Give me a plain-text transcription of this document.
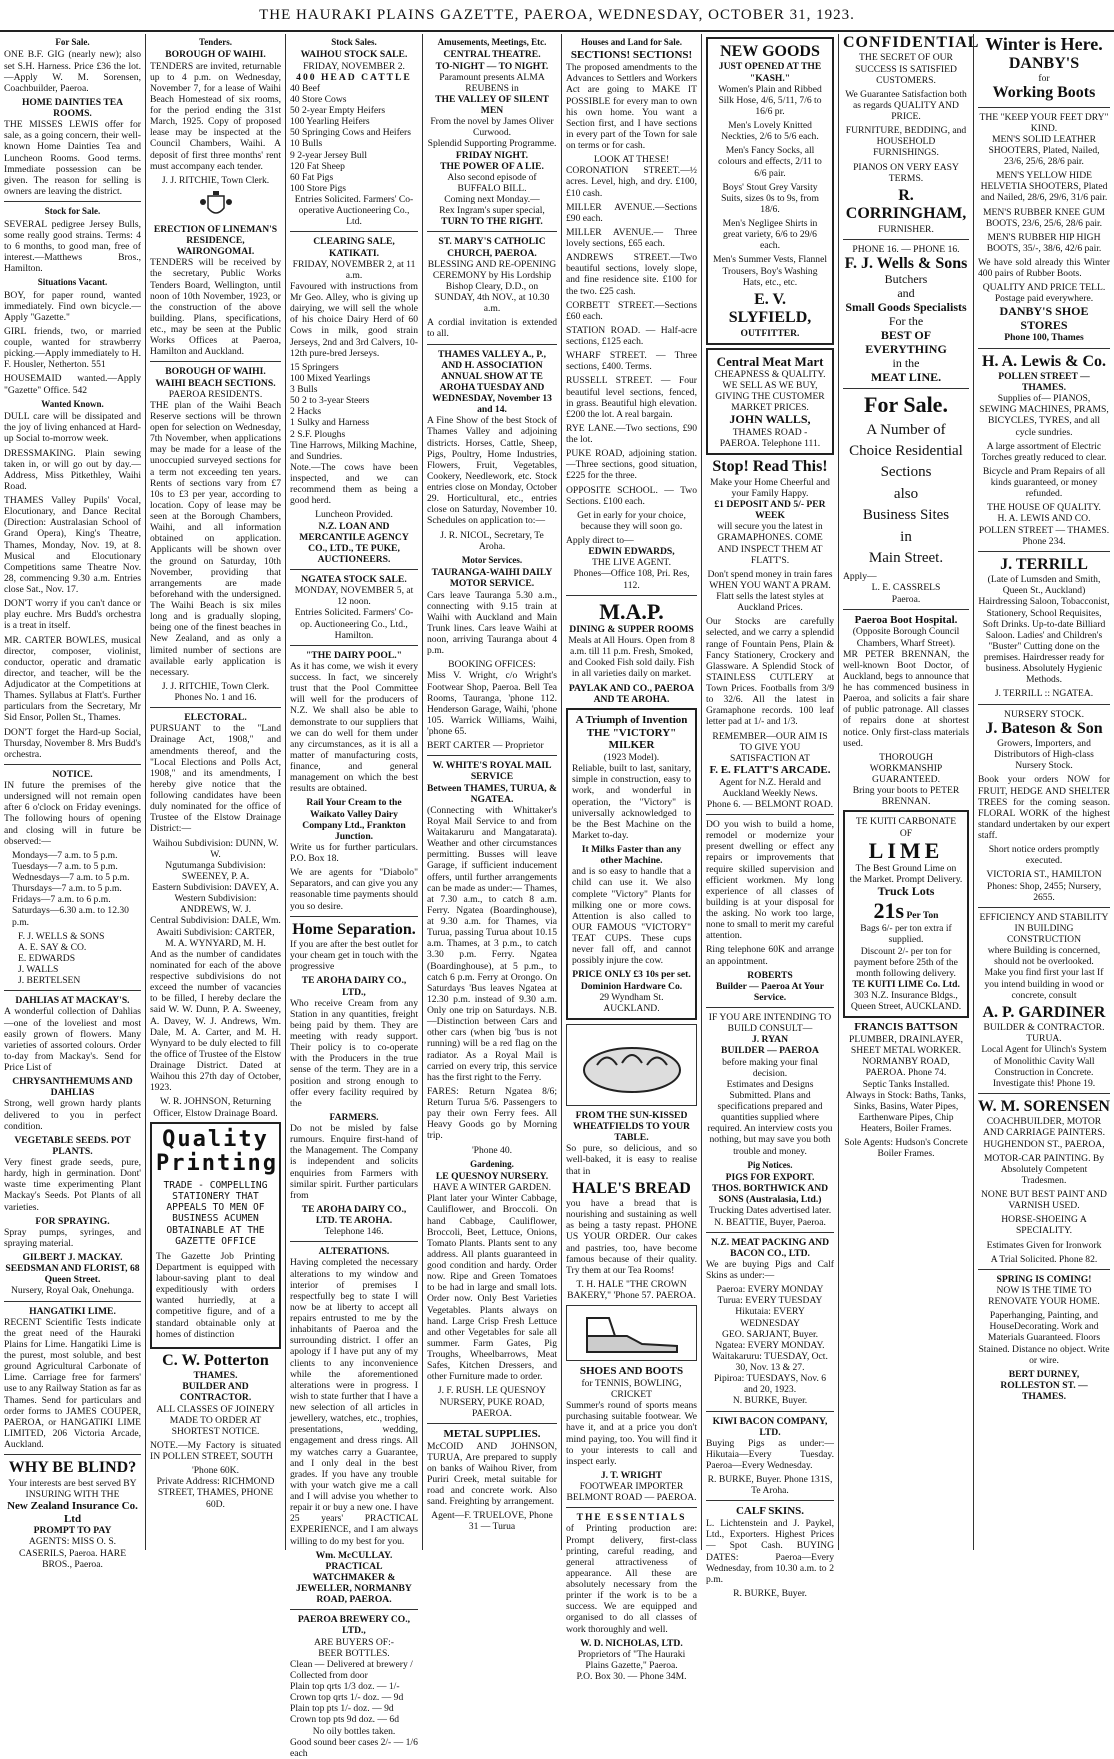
THE HAURAKI PLAINS GAZETTE, PAEROA, WEDNESDAY, OCTOBER 31, 1923.
For Sale.

ONE B.F. GIG (nearly new); also set S.H. Harness. Price £36 the lot.—Apply W. M. Sorensen, Coachbuilder, Paeroa.

HOME DAINTIES TEA ROOMS.

THE MISSES LEWIS offer for sale, as a going concern, their well-known Home Dainties Tea and Luncheon Rooms. Good terms. Immediate possession can be given. The reason for selling is owners are leaving the district.

Stock for Sale.

SEVERAL pedigree Jersey Bulls, some really good strains. Terms: 4 to 6 months, to good man, free of interest.—Matthews Bros., Hamilton.

Situations Vacant.

BOY, for paper round, wanted immediately. Find own bicycle.—Apply "Gazette."

GIRL friends, two, or married couple, wanted for strawberry picking.—Apply immediately to H. F. Housler, Netherton. 551

HOUSEMAID wanted.—Apply "Gazette" Office. 542

Wanted Known.

DULL care will be dissipated and the joy of living enhanced at Hard-up Social to-morrow week.

DRESSMAKING. Plain sewing taken in, or will go out by day.—Address, Miss Pitkethley, Waihi Road.

THAMES Valley Pupils' Vocal, Elocutionary, and Dance Recital (Direction: Australasian School of Grand Opera), King's Theatre, Thames, Monday, Nov. 19, at 8. Musical and Elocutionary Competitions same Theatre Nov. 28, commencing 9.30 a.m. Entries close Sat., Nov. 17.

DON'T worry if you can't dance or play euchre. Mrs Budd's orchestra is a treat in itself.

MR. CARTER BOWLES, musical director, composer, violinist, conductor, operatic and dramatic director, and teacher, will be the Adjudicator at the Competitions at Thames. Syllabus at Flatt's. Further particulars from the Secretary, Mr Sid Ensor, Pollen St., Thames.

DON'T forget the Hard-up Social, Thursday, November 8. Mrs Budd's orchestra.

NOTICE.

IN future the premises of the undersigned will not remain open after 6 o'clock on Friday evenings. The following hours of opening and closing will in future be observed:—

Mondays—7 a.m. to 5 p.m.
Tuesdays—7 a.m. to 5 p.m.
Wednesdays—7 a.m. to 5 p.m.
Thursdays—7 a.m. to 5 p.m.
Fridays—7 a.m. to 6 p.m.
Saturdays—6.30 a.m. to 12.30 p.m.
F. J. WELLS & SONS
A. E. SAY & CO.
E. EDWARDS
J. WALLS
J. BERTELSEN
DAHLIAS AT MACKAY'S.

A wonderful collection of Dahlias—one of the loveliest and most easily grown of flowers. Many varieties of assorted colours. Order to-day from Mackay's. Send for Price List of

CHRYSANTHEMUMS AND DAHLIAS

Strong, well grown hardy plants delivered to you in perfect condition.

VEGETABLE SEEDS. POT PLANTS.

Very finest grade seeds, pure, hardy, high in germination. Dont' waste time experimenting Plant Mackay's Seeds. Pot Plants of all varieties.

FOR SPRAYING.

Spray pumps, syringes, and spraying material.

GILBERT J. MACKAY. SEEDSMAN AND FLORIST, 68 Queen Street.
Nursery, Royal Oak, Onehunga.
HANGATIKI LIME.

RECENT Scientific Tests indicate the great need of the Hauraki Plains for Lime. Hangatiki Lime is the purest, most soluble, and best ground Agricultural Carbonate of Lime. Carriage free for farmers' use to any Railway Station as far as Thames. Send for particulars and order forms to JAMES COUPER, PAEROA, or HANGATIKI LIME LIMITED, 206 Victoria Arcade, Auckland.

WHY BE BLIND?
Your interests are best served BY INSURING WITH THE
New Zealand Insurance Co. Ltd
PROMPT TO PAY
AGENTS: MISS O. S. CASERILS, Paeroa. HARE BROS., Paeroa.
Tenders.
BOROUGH OF WAIHI.

TENDERS are invited, returnable up to 4 p.m. on Wednesday, November 7, for a lease of Waihi Beach Homestead of six rooms, for the period ending the 31st March, 1925. Copy of proposed lease may be inspected at the Council Chambers, Waihi. A deposit of first three months' rent must accompany each tender.

J. J. RITCHIE, Town Clerk.
ERECTION OF LINEMAN'S RESIDENCE, WAIRONGOMAI.

TENDERS will be received by the secretary, Public Works Tenders Board, Wellington, until noon of 10th November, 1923, or the construction of the above building. Plans, specifications, etc., may be seen at the Public Works Offices at Paeroa, Hamilton and Auckland.

BOROUGH OF WAIHI. WAIHI BEACH SECTIONS.
PAEROA RESIDENTS.

THE plan of the Waihi Beach Reserve sections will be thrown open for selection on Wednesday, 7th November, when applications may be made for a lease of the unoccupied surveyed sections for a term not exceeding ten years. Rents of sections vary from £7 10s to £3 per year, according to location. Copy of lease may be seen at the Borough Chambers, Waihi, and all information obtained on application. Applicants will be shown over the ground on Saturday, 10th November, providing that arrangements are made beforehand with the undersigned. The Waihi Beach is six miles long and is gradually sloping, being one of the finest beaches in New Zealand, and as only a limited number of sections are available early application is necessary.

J. J. RITCHIE, Town Clerk. Phones No. 1 and 16.
ELECTORAL.

PURSUANT to the "Land Drainage Act, 1908," and amendments thereof, and the "Local Elections and Polls Act, 1908," and its amendments, I hereby give notice that the following candidates have been duly nominated for the office of Trustee of the Elstow Drainage District:—

Waihou Subdivision: DUNN, W. W.
Ngutumanga Subdivision: SWEENEY, P. A.
Eastern Subdivision: DAVEY, A.
Western Subdivision: ANDREWS, W. J.
Central Subdivision: DALE, Wm.
Awaiti Subdivision: CARTER, M. A. WYNYARD, M. H.

And as the number of candidates nominated for each of the above respective subdivisions do not exceed the number of vacancies to be filled, I hereby declare the said W. W. Dunn, P. A. Sweeney, A. Davey, W. J. Andrews, Wm. Dale, M. A. Carter, and M. H. Wynyard to be duly elected to fill the office of Trustee of the Elstow Drainage District. Dated at Waihou this 27th day of October, 1923.

W. R. JOHNSON, Returning Officer, Elstow Drainage Board.
Quality
Printing
TRADE - COMPELLING STATIONERY THAT APPEALS TO MEN OF BUSINESS ACUMEN OBTAINABLE AT THE GAZETTE OFFICE

The Gazette Job Printing Department is equipped with labour-saving plant to deal expeditiously with orders wanted hurriedly, at a competitive figure, and of a standard obtainable only at homes of distinction

C. W. Potterton
THAMES.
BUILDER AND CONTRACTOR.

ALL CLASSES OF JOINERY MADE TO ORDER AT SHORTEST NOTICE.

NOTE.—My Factory is situated IN POLLEN STREET, SOUTH

'Phone 60K.
Private Address: RICHMOND STREET, THAMES, PHONE 60D.
Stock Sales.
WAIHOU STOCK SALE.
FRIDAY, NOVEMBER 2.
400 HEAD CATTLE
40 Beef
40 Store Cows
50 2-year Empty Heifers
100 Yearling Heifers
50 Springing Cows and Heifers
10 Bulls
9 2-year Jersey Bull
120 Fat Sheep
60 Fat Pigs
100 Store Pigs
Entries Solicited. Farmers' Co-operative Auctioneering Co., Ltd.
CLEARING SALE, KATIKATI.
FRIDAY, NOVEMBER 2, at 11 a.m.

Favoured with instructions from Mr Geo. Alley, who is giving up dairying, we will sell the whole of his choice Dairy Herd of 60 Cows in milk, good strain Jerseys, 2nd and 3rd Calvers, 10-12th pure-bred Jerseys.

15 Springers
100 Mixed Yearlings
3 Bulls
50 2 to 3-year Steers
2 Hacks
1 Sulky and Harness
2 S.F. Ploughs
Tine Harrows, Milking Machine, and Sundries.

Note.—The cows have been inspected, and we can recommend them as being a good herd.

Luncheon Provided.
N.Z. LOAN AND MERCANTILE AGENCY CO., LTD., TE PUKE, AUCTIONEERS.
NGATEA STOCK SALE.
MONDAY, NOVEMBER 5, at 12 noon.
Entries Solicited. Farmers' Co-op. Auctioneering Co., Ltd., Hamilton.
"THE DAIRY POOL."

As it has come, we wish it every success. In fact, we sincerely trust that the Pool Committee will well for the producers of N.Z. We shall also be able to demonstrate to our suppliers that we can do well for them under any circumstances, as it is all a matter of manufacturing costs, finance, and general management on which the best results are obtained.

Rail Your Cream to the Waikato Valley Dairy Company Ltd., Frankton Junction.

Write us for further particulars. P.O. Box 18.

We are agents for "Diabolo" Separators, and can give you any reasonable time payments should you so desire.

Home Separation.

If you are after the best outlet for your cheam get in touch with the progressive

TE AROHA DAIRY CO., LTD.,

Who receive Cream from any Station in any quantities, freight being paid by them. They are meeting with ready support. Their policy is to co-operate with the Producers in the true sense of the term. They are in a position and strong enough to offer every facility required by the

FARMERS.

Do not be misled by false rumours. Enquire first-hand of the Management. The Company is independent and solicits enquiries from Farmers with similar spirit. Further particulars from

TE AROHA DAIRY CO., LTD. TE AROHA.
Telephone 146.
ALTERATIONS.

Having completed the necessary alterations to my window and interior of premises I respectfully beg to state I will now be at liberty to accept all repairs entrusted to me by the inhabitants of Paeroa and the surrounding district. I offer an apology if I have put any of my clients to any inconvenience while the aforementioned alterations were in progress. I wish to state further that I have a new selection of all articles in jewellery, watches, etc., trophies, presentations, wedding, engagement and dress rings. All my watches carry a Guarantee, and I only deal in the best grades. If you have any trouble with your watch give me a call and I will advise you whether to repair it or buy a new one. I have 25 years' PRACTICAL EXPERIENCE, and I am always willing to do my best for you.

Wm. McCULLAY. PRACTICAL WATCHMAKER & JEWELLER, NORMANBY ROAD, PAEROA.
PAEROA BREWERY CO., LTD.,
ARE BUYERS OF:-
BEER BOTTLES.
Clean — Delivered at brewery / Collected from door
Plain top qrts 1/3 doz. — 1/-
Crown top qrts 1/- doz. — 9d
Plain top pts 1/- doz. — 9d
Crown top pts 9d doz. — 6d
No oily bottles taken.
Good sound beer cases 2/- — 1/6 each
Amusements, Meetings, Etc.
CENTRAL THEATRE.
TO-NIGHT — TO NIGHT.
Paramount presents ALMA REUBENS in
THE VALLEY OF SILENT MEN
From the novel by James Oliver Curwood.
Splendid Supporting Programme.
FRIDAY NIGHT.
THE POWER OF A LIE.
Also second episode of BUFFALO BILL.
Coming next Monday.—
Rex Ingram's super special,
TURN TO THE RIGHT.
ST. MARY'S CATHOLIC CHURCH, PAEROA.

BLESSING AND RE-OPENING CEREMONY by His Lordship Bishop Cleary, D.D., on SUNDAY, 4th NOV., at 10.30 a.m.

A cordial invitation is extended to all.

THAMES VALLEY A., P., AND H. ASSOCIATION
ANNUAL SHOW AT TE AROHA TUESDAY AND WEDNESDAY, November 13 and 14.

A Fine Show of the best Stock of Thames Valley and adjoining districts. Horses, Cattle, Sheep, Pigs, Poultry, Home Industries, Flowers, Fruit, Vegetables, Cookery, Needlework, etc. Stock entries close on Monday, October 29. Horticultural, etc., entries close on Saturday, November 10. Schedules on application to:—

J. R. NICOL, Secretary, Te Aroha.
Motor Services.
TAURANGA-WAIHI DAILY MOTOR SERVICE.

Cars leave Tauranga 5.30 a.m., connecting with 9.15 train at Waihi with Auckland and Main Trunk lines. Cars leave Waihi at noon, arriving Tauranga about 4 p.m.

BOOKING OFFICES:

Miss V. Wright, c/o Wright's Footwear Shop, Paeroa. Bell Tea Rooms, Tauranga, 'phone 112. Henderson Garage, Waihi, 'phone 105. Warrick Williams, Waihi, 'phone 65.

BERT CARTER — Proprietor
W. WHITE'S ROYAL MAIL SERVICE
Between THAMES, TURUA, & NGATEA.

(Connecting with Whittaker's Royal Mail Service to and from Waitakaruru and Mangatarata). Weather and other circumstances permitting. Busses will leave Garage, if sufficient inducement offers, until further arrangements can be made as under:— Thames, at 7.30 a.m., to catch 8 a.m. Ferry. Ngatea (Boardinghouse), at 9.30 a.m. for Thames, via Turua, passing Turua about 10.15 a.m. Thames, at 3 p.m., to catch 3.30 p.m. Ferry. Ngatea (Boardinghouse), at 5 p.m., to catch 6 p.m. Ferry at Orongo. On Saturdays 'Bus leaves Ngatea at 12.30 p.m. instead of 9.30 a.m. Only one trip on Saturdays. N.B.—Distinction between Cars and other cars (when big 'bus is not running) will be a red flag on the radiator. As a Royal Mail is carried on every trip, this service has the first right to the Ferry.

FARES: Return Ngatea 8/6; Return Turua 5/6. Passengers to pay their own Ferry fees. All Heavy Goods go by Morning trip.

'Phone 40.
Gardening.
LE QUESNOY NURSERY.
HAVE A WINTER GARDEN.

Plant later your Winter Cabbage, Cauliflower, and Broccoli. On hand Cabbage, Cauliflower, Broccoli, Beet, Lettuce, Onions, Tomato Plants. Plants sent to any address. All plants guaranteed in good condition and hardy. Order now. Ripe and Green Tomatoes to be had in large and small lots. Order now. Only Best Varieties Vegetables. Plants always on hand. Large Crisp Fresh Lettuce and other Vegetables for sale all summer. Farm Gates, Pig Troughs, Wheelbarrows, Meat Safes, Kitchen Dressers, and other Furniture made to order.

J. F. RUSH. LE QUESNOY NURSERY, PUKE ROAD, PAEROA.
METAL SUPPLIES.

McCOID AND JOHNSON, TURUA, Are prepared to supply on banks of Waihou River, from Puriri Creek, metal suitable for road and concrete work. Also sand. Freighting by arrangement.

Agent—F. TRUELOVE, Phone 31 — Turua
Houses and Land for Sale.
SECTIONS! SECTIONS!

The proposed amendments to the Advances to Settlers and Workers Act are going to MAKE IT POSSIBLE for every man to own his own home. You want a Section first, and I have sections in every part of the Town for sale on terms or for cash.

LOOK AT THESE!

CORONATION STREET.—½ acres. Level, high, and dry. £100, £10 cash.

MILLER AVENUE.—Sections £90 each.

MILLER AVENUE.— Three lovely sections, £65 each.

ANDREWS STREET.—Two beautiful sections, lovely slope, and fine residence site. £100 for the two. £25 cash.

CORBETT STREET.—Sections £60 each.

STATION ROAD. — Half-acre sections, £125 each.

WHARF STREET. — Three sections, £400. Terms.

RUSSELL STREET. — Four beautiful level sections, fenced, in grass. Beautiful high elevation. £200 the lot. A real bargain.

RYE LANE.—Two sections, £90 the lot.

PUKE ROAD, adjoining station. —Three sections, good situation, £225 for the three.

OPPOSITE SCHOOL. — Two Sections. £100 each.

Get in early for your choice, because they will soon go.

Apply direct to—
EDWIN EDWARDS,
THE LIVE AGENT.
Phones—Office 108, Pri. Res, 112.
M.A.P.
DINING & SUPPER ROOMS

Meals at All Hours. Open from 8 a.m. till 11 p.m. Fresh, Smoked, and Cooked Fish sold daily. Fish in all varieties daily on market.

PAYLAK AND CO., PAEROA AND TE AROHA.
A Triumph of Invention
THE "VICTORY" MILKER
(1923 Model).

Reliable, built to last, sanitary, simple in construction, easy to work, and wonderful in operation, the "Victory" is universally acknowledged to be the Best Machine on the Market to-day.

It Milks Faster than any other Machine.

and is so easy to handle that a child can use it. We also complete "Victory" Plants for milking one or more cows. Attention is also called to OUR FAMOUS "VICTORY" TEAT CUPS. These cups never fall off, and cannot possibly injure the cow.

PRICE ONLY £3 10s per set.
Dominion Hardware Co.
29 Wyndham St. AUCKLAND.
FROM THE SUN-KISSED WHEATFIELDS TO YOUR TABLE.

So pure, so delicious, and so well-baked, it is easy to realise that in

HALE'S BREAD

you have a bread that is nourishing and sustaining as well as being a tasty repast. PHONE US YOUR ORDER. Our cakes and pastries, too, have become famous because of their quality. Try them at our Tea Rooms!

T. H. HALE "THE CROWN BAKERY," 'Phone 57. PAEROA.
SHOES AND BOOTS
for TENNIS, BOWLING, CRICKET

Summer's round of sports means purchasing suitable footwear. We have it, and at a price you don't mind paying, too. You will find it to your interests to call and inspect early.

J. T. WRIGHT
FOOTWEAR IMPORTER
BELMONT ROAD — PAEROA.
THE ESSENTIALS

of Printing production are: Prompt delivery, first-class printing, careful reading, and general attractiveness of appearance. All these are absolutely necessary from the printer if the work is to be a success. We are equipped and organised to do all classes of work thoroughly and well.

W. D. NICHOLAS, LTD.
Proprietors of "The Hauraki Plains Gazette," Paeroa.
P.O. Box 30. — Phone 34M.
NEW GOODS
JUST OPENED AT THE "KASH."

Women's Plain and Ribbed Silk Hose, 4/6, 5/11, 7/6 to 16/6 pr.

Men's Lovely Knitted Neckties, 2/6 to 5/6 each.

Men's Fancy Socks, all colours and effects, 2/11 to 6/6 pair.

Boys' Stout Grey Varsity Suits, sizes 0s to 9s, from 18/6.

Men's Negligee Shirts in great variety, 6/6 to 29/6 each.

Men's Summer Vests, Flannel Trousers, Boy's Washing Hats, etc., etc.

E. V. SLYFIELD,
OUTFITTER.
Central Meat Mart
CHEAPNESS & QUALITY. WE SELL AS WE BUY, GIVING THE CUSTOMER MARKET PRICES.
JOHN WALLS,
THAMES ROAD - PAEROA. Telephone 111.
Stop! Read This!
Make your Home Cheerful and your Family Happy.
£1 DEPOSIT AND 5/- PER WEEK

will secure you the latest in GRAMAPHONES. COME AND INSPECT THEM AT FLATT'S.

Don't spend money in train fares WHEN YOU WANT A PRAM. Flatt sells the latest styles at Auckland Prices.

Our Stocks are carefully selected, and we carry a splendid range of Fountain Pens, Plain & Fancy Stationery, Crockery and Glassware. A Splendid Stock of STAINLESS CUTLERY at Town Prices. Footballs from 3/9 to 32/6. All the latest in Gramaphone records. 100 leaf letter pad at 1/- and 1/3.

REMEMBER—OUR AIM IS TO GIVE YOU SATISFACTION AT
F. E. FLATT'S ARCADE.
Agent for N.Z. Herald and Auckland Weekly News.
Phone 6. — BELMONT ROAD.

DO you wish to build a home, remodel or modernize your present dwelling or effect any repairs or improvements that require skilled supervision and efficient workmen. My long experience of all classes of building is at your disposal for the asking. No work too large, none to small to merit my careful attention.

Ring telephone 60K and arrange an appointment.

ROBERTS
Builder — Paeroa At Your Service.
IF YOU ARE INTENDING TO BUILD CONSULT—
J. RYAN
BUILDER — PAEROA
before making your final decision.

Estimates and Designs Submitted. Plans and specifications prepared and quantities supplied where required. An interview costs you nothing, but may save you both trouble and money.

Pig Notices.
PIGS FOR EXPORT.
THOS. BORTHWICK AND SONS (Australasia, Ltd.)
Trucking Dates advertised later.
N. BEATTIE, Buyer, Paeroa.
N.Z. MEAT PACKING AND BACON CO., LTD.

We are buying Pigs and Calf Skins as under:—

Paeroa: EVERY MONDAY
Turua: EVERY TUESDAY
Hikutaia: EVERY WEDNESDAY
GEO. SARJANT, Buyer.
Ngatea: EVERY MONDAY.
Waitakaruru: TUESDAY, Oct. 30, Nov. 13 & 27.
Pipiroa: TUESDAYS, Nov. 6 and 20, 1923.
N. BURKE, Buyer.
KIWI BACON COMPANY, LTD.

Buying Pigs as under:— Hikutaia—Every Tuesday. Paeroa—Every Wednesday.

R. BURKE, Buyer. Phone 131S, Te Aroha.
CALF SKINS.

L. Lichtenstein and J. Paykel, Ltd., Exporters. Highest Prices — Spot Cash. BUYING DATES: Paeroa—Every Wednesday, from 10.30 a.m. to 2 p.m.

R. BURKE, Buyer.
CONFIDENTIAL

THE SECRET OF OUR SUCCESS IS SATISFIED CUSTOMERS.

We Guarantee Satisfaction both as regards QUALITY AND PRICE.

FURNITURE, BEDDING, and HOUSEHOLD FURNISHINGS.

PIANOS ON VERY EASY TERMS.

R. CORRINGHAM,
FURNISHER.
PHONE 16. — PHONE 16.
F. J. Wells & Sons
Butchers
and
Small Goods Specialists
For the
BEST OF EVERYTHING
in the
MEAT LINE.
For Sale.
A Number of
Choice Residential
Sections
also
Business Sites
in
Main Street.
Apply—
L. E. CASSRELS
Paeroa.
Paeroa Boot Hospital.
(Opposite Borough Council Chambers, Wharf Street).

MR PETER BRENNAN, the well-known Boot Doctor, of Auckland, begs to announce that he has commenced business in Paeroa, and solicits a fair share of public patronage. All classes of repairs done at shortest notice. Only first-class materials used.

THOROUGH WORKMANSHIP GUARANTEED.
Bring your boots to PETER BRENNAN.
TE KUITI CARBONATE OF
LIME
The Best Ground Lime on the Market. Prompt Delivery.
Truck Lots
21s Per Ton
Bags 6/- per ton extra if supplied.
Discount 2/- per ton for payment before 25th of the month following delivery.
TE KUITI LIME Co. Ltd.
303 N.Z. Insurance Bldgs., Queen Street, AUCKLAND.
FRANCIS BATTSON
PLUMBER, DRAINLAYER, SHEET METAL WORKER.
NORMANBY ROAD, PAEROA. Phone 74.
Septic Tanks Installed.

Always in Stock: Baths, Tanks, Sinks, Basins, Water Pipes, Earthenware Pipes, Chip Heaters, Boiler Frames.

Sole Agents: Hudson's Concrete Boiler Frames.
Winter is Here.
DANBY'S
for
Working Boots
THE "KEEP YOUR FEET DRY" KIND.

MEN'S SOLID LEATHER SHOOTERS, Plated, Nailed, 23/6, 25/6, 28/6 pair.

MEN'S YELLOW HIDE HELVETIA SHOOTERS, Plated and Nailed, 28/6, 29/6, 31/6 pair.

MEN'S RUBBER KNEE GUM BOOTS, 23/6, 25/6, 28/6 pair.

MEN'S RUBBER HIP HIGH BOOTS, 35/-, 38/6, 42/6 pair.

We have sold already this Winter 400 pairs of Rubber Boots.

QUALITY AND PRICE TELL.
Postage paid everywhere.
DANBY'S SHOE STORES
Phone 100, Thames
H. A. Lewis & Co.
POLLEN STREET — THAMES.

Supplies of— PIANOS, SEWING MACHINES, PRAMS, BICYCLES, TYRES, and all cycle sundries.

A large assortment of Electric Torches greatly reduced to clear.

Bicycle and Pram Repairs of all kinds guaranteed, or money refunded.

THE HOUSE OF QUALITY.
H. A. LEWIS AND CO. POLLEN STREET — THAMES. Phone 234.
J. TERRILL

(Late of Lumsden and Smith, Queen St., Auckland) Hairdressing Saloon, Tobacconist, Stationery, School Requisites, Soft Drinks. Up-to-date Billiard Saloon. Ladies' and Children's "Buster" Cutting done on the premises. Hairdresser ready for business. Absolutely Hygienic Methods.

J. TERRILL :: NGATEA.
NURSERY STOCK.
J. Bateson & Son

Growers, Importers, and Distributors of High-class Nursery Stock.

Book your orders NOW for FRUIT, HEDGE AND SHELTER TREES for the coming season. FLORAL WORK of the highest standard undertaken by our expert staff.

Short notice orders promptly executed.

VICTORIA ST., HAMILTON Phones: Shop, 2455; Nursery, 2655.

EFFICIENCY AND STABILITY IN BUILDING CONSTRUCTION
where Building is concerned, should not be overlooked.

Make you find first your last If you intend building in wood or concrete, consult

A. P. GARDINER
BUILDER & CONTRACTOR. TURUA.

Local Agent for Ulinch's System of Monolithic Cavity Wall Construction in Concrete. Investigate this! Phone 19.

W. M. SORENSEN

COACHBUILDER, MOTOR AND CARRIAGE PAINTERS. HUGHENDON ST., PAEROA,

MOTOR-CAR PAINTING. By Absolutely Competent Tradesmen.

NONE BUT BEST PAINT AND VARNISH USED.

HORSE-SHOEING A SPECIALITY.

Estimates Given for Ironwork

A Trial Solicited. Phone 82.

SPRING IS COMING!

NOW IS THE TIME TO RENOVATE YOUR HOME.

Paperhanging, Painting, and HouseDecorating. Work and Materials Guaranteed. Floors Stained. Distance no object. Write or wire.

BERT DURNEY, ROLLESTON ST. — THAMES.
